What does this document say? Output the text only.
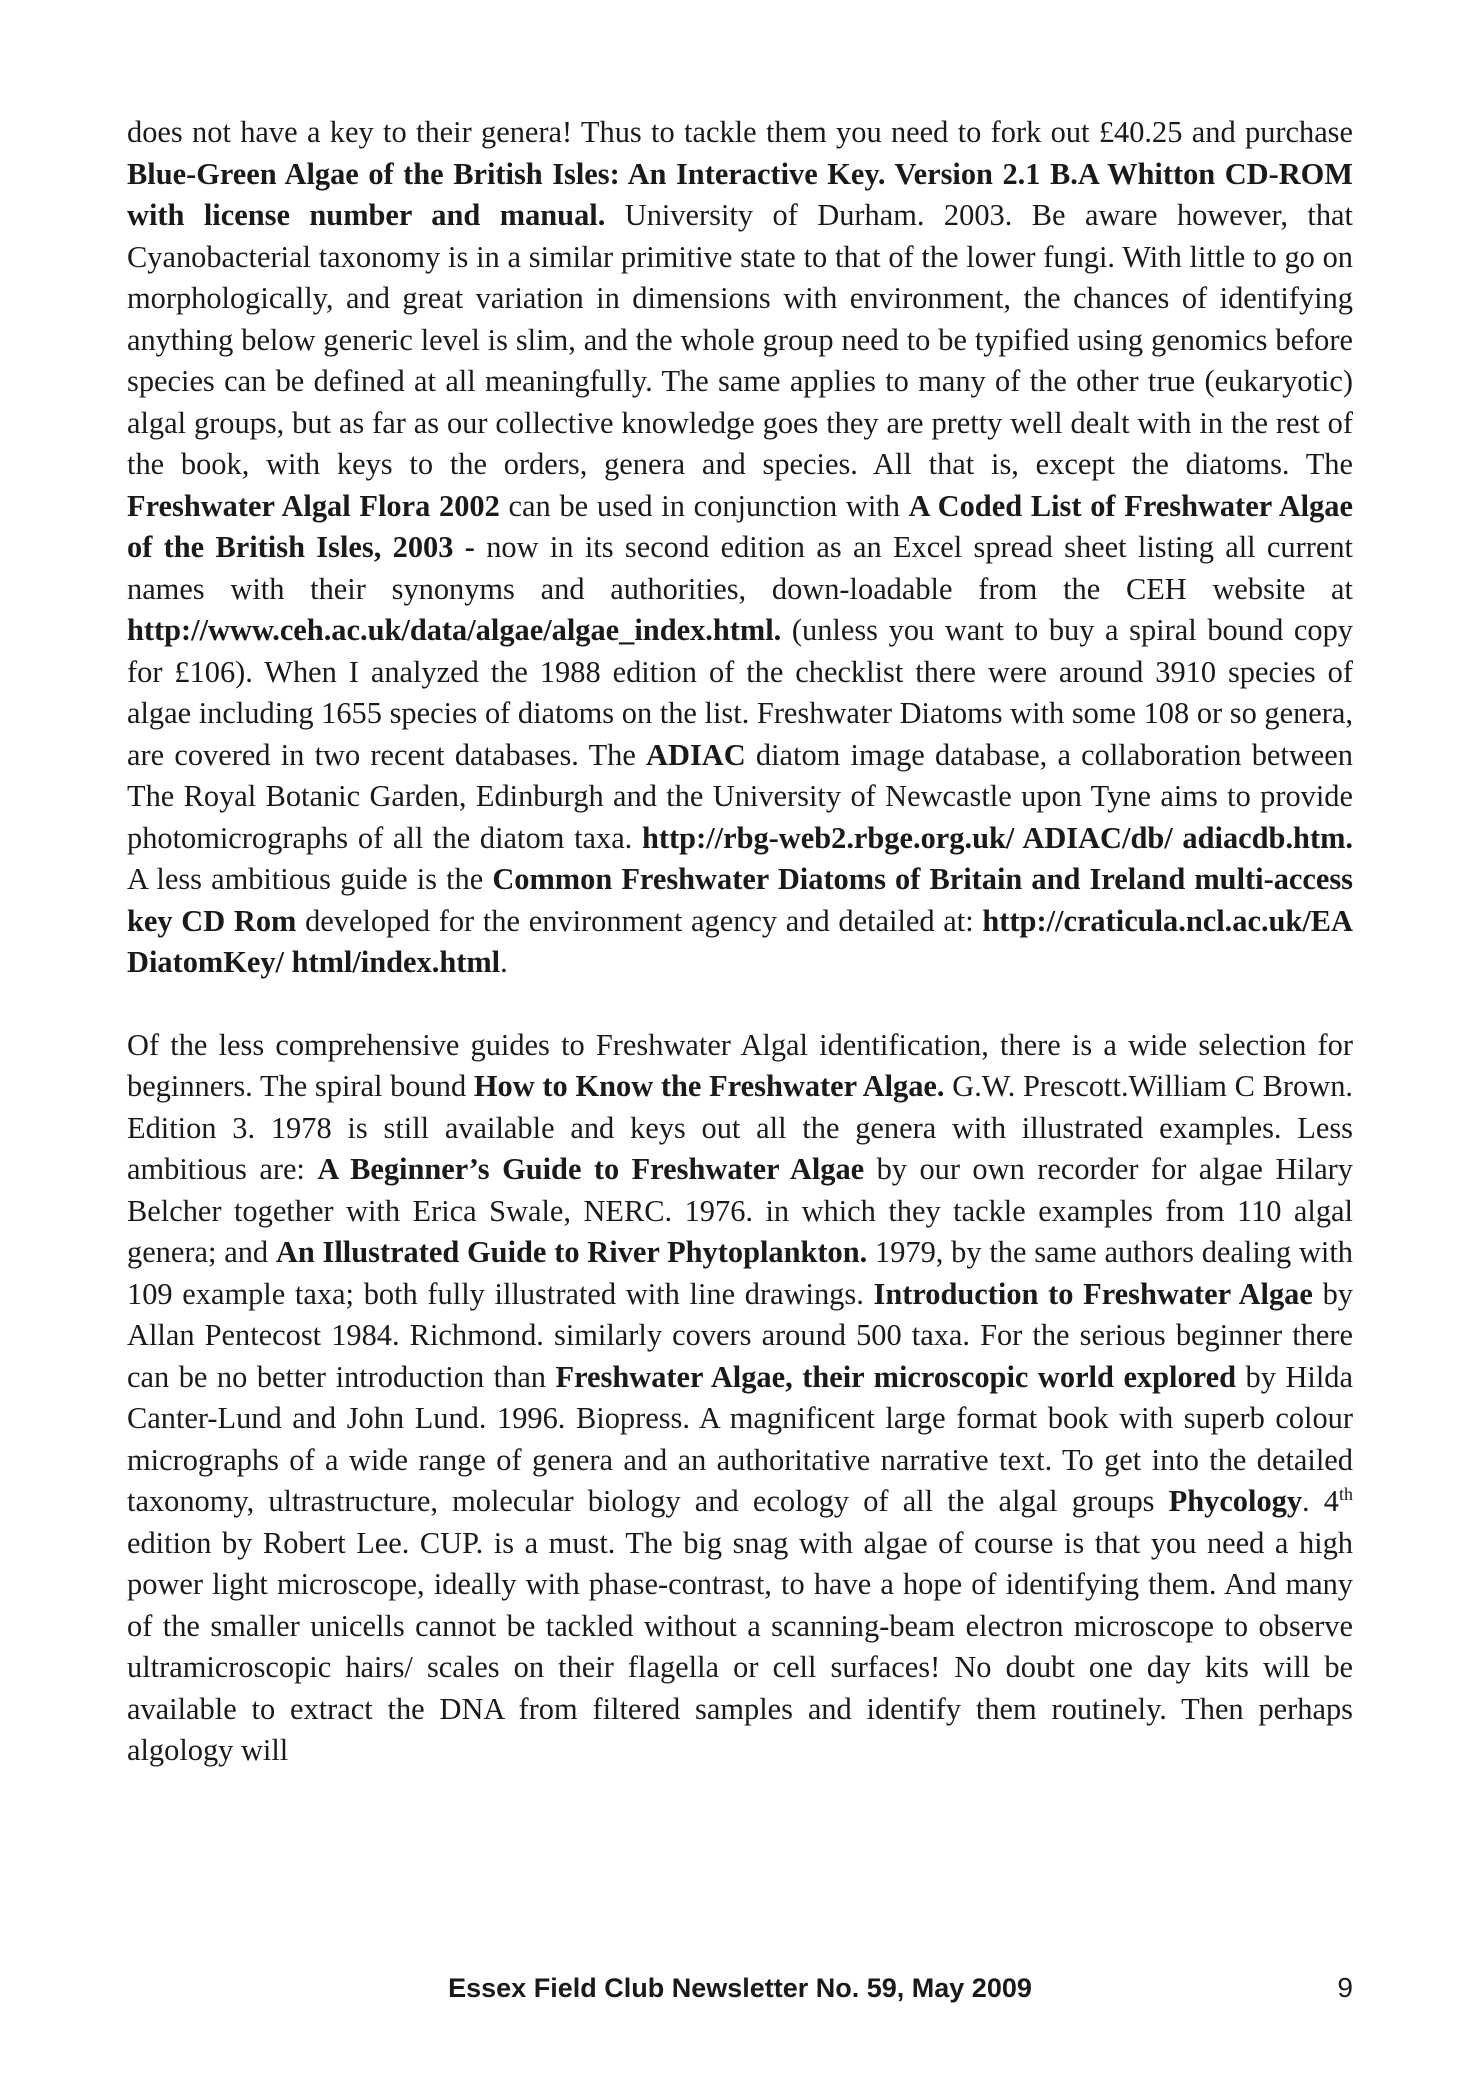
does not have a key to their genera! Thus to tackle them you need to fork out £40.25 and purchase Blue-Green Algae of the British Isles: An Interactive Key. Version 2.1 B.A Whitton CD-ROM with license number and manual. University of Durham. 2003. Be aware however, that Cyanobacterial taxonomy is in a similar primitive state to that of the lower fungi. With little to go on morphologically, and great variation in dimensions with environment, the chances of identifying anything below generic level is slim, and the whole group need to be typified using genomics before species can be defined at all meaningfully. The same applies to many of the other true (eukaryotic) algal groups, but as far as our collective knowledge goes they are pretty well dealt with in the rest of the book, with keys to the orders, genera and species. All that is, except the diatoms. The Freshwater Algal Flora 2002 can be used in conjunction with A Coded List of Freshwater Algae of the British Isles, 2003 - now in its second edition as an Excel spread sheet listing all current names with their synonyms and authorities, down-loadable from the CEH website at http://www.ceh.ac.uk/data/algae/algae_index.html. (unless you want to buy a spiral bound copy for £106). When I analyzed the 1988 edition of the checklist there were around 3910 species of algae including 1655 species of diatoms on the list. Freshwater Diatoms with some 108 or so genera, are covered in two recent databases. The ADIAC diatom image database, a collaboration between The Royal Botanic Garden, Edinburgh and the University of Newcastle upon Tyne aims to provide photomicrographs of all the diatom taxa. http://rbg-web2.rbge.org.uk/ ADIAC/db/ adiacdb.htm. A less ambitious guide is the Common Freshwater Diatoms of Britain and Ireland multi-access key CD Rom developed for the environment agency and detailed at: http://craticula.ncl.ac.uk/EA DiatomKey/ html/index.html.

Of the less comprehensive guides to Freshwater Algal identification, there is a wide selection for beginners. The spiral bound How to Know the Freshwater Algae. G.W. Prescott.William C Brown. Edition 3. 1978 is still available and keys out all the genera with illustrated examples. Less ambitious are: A Beginner’s Guide to Freshwater Algae by our own recorder for algae Hilary Belcher together with Erica Swale, NERC. 1976. in which they tackle examples from 110 algal genera; and An Illustrated Guide to River Phytoplankton. 1979, by the same authors dealing with 109 example taxa; both fully illustrated with line drawings. Introduction to Freshwater Algae by Allan Pentecost 1984. Richmond. similarly covers around 500 taxa. For the serious beginner there can be no better introduction than Freshwater Algae, their microscopic world explored by Hilda Canter-Lund and John Lund. 1996. Biopress. A magnificent large format book with superb colour micrographs of a wide range of genera and an authoritative narrative text. To get into the detailed taxonomy, ultrastructure, molecular biology and ecology of all the algal groups Phycology. 4th edition by Robert Lee. CUP. is a must. The big snag with algae of course is that you need a high power light microscope, ideally with phase-contrast, to have a hope of identifying them. And many of the smaller unicells cannot be tackled without a scanning-beam electron microscope to observe ultramicroscopic hairs/ scales on their flagella or cell surfaces! No doubt one day kits will be available to extract the DNA from filtered samples and identify them routinely. Then perhaps algology will

Essex Field Club Newsletter No. 59, May 2009	9
